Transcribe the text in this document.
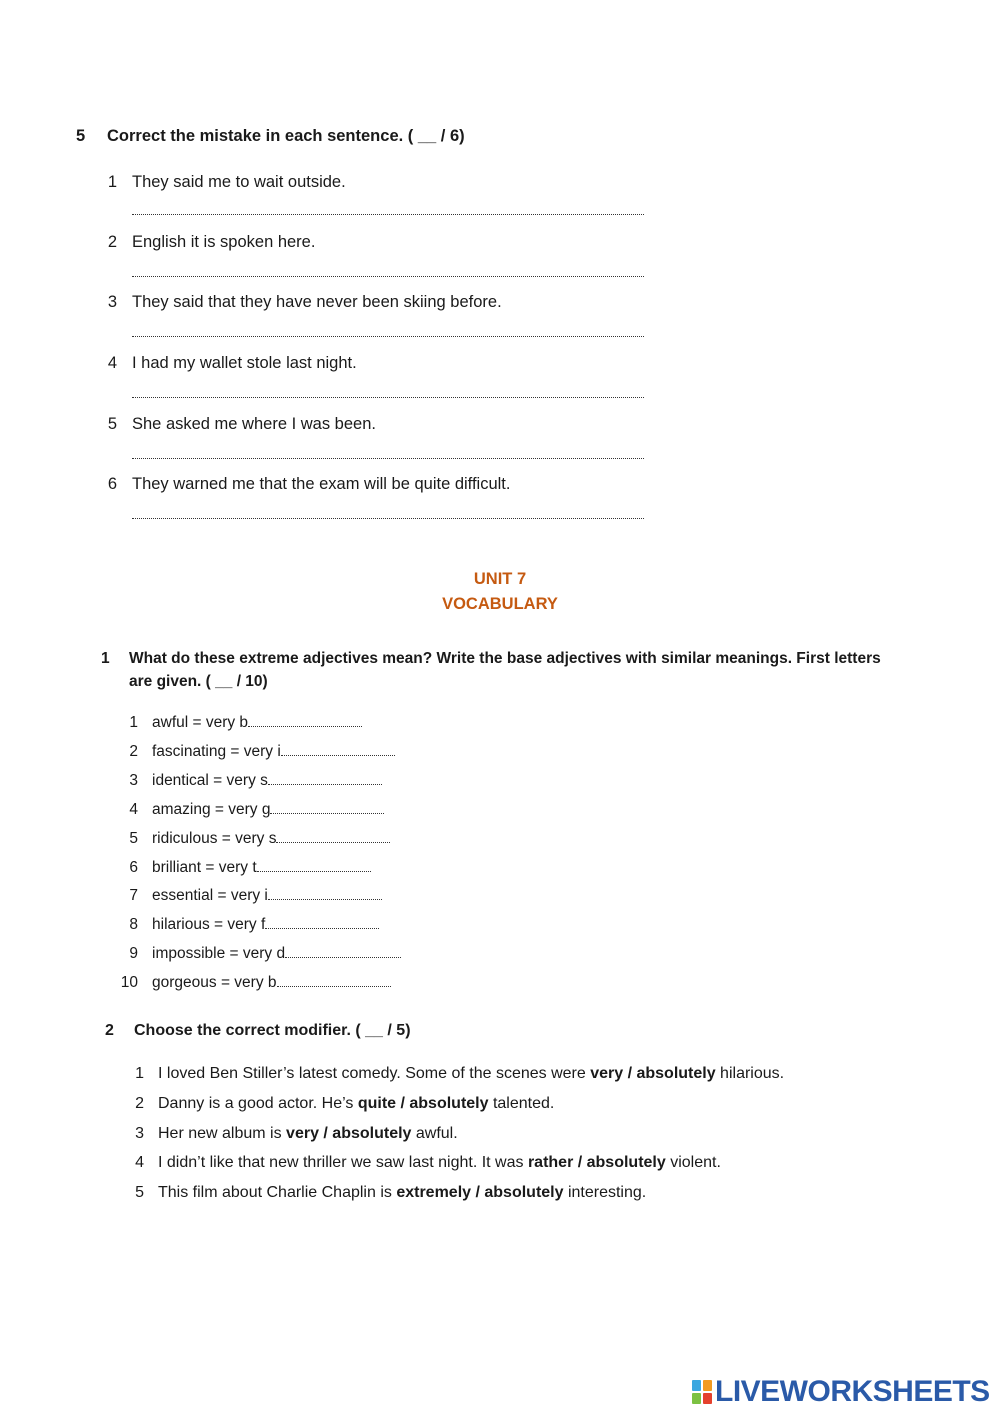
5	Correct the mistake in each sentence. ( __ / 6)
1 They said me to wait outside.
2 English it is spoken here.
3 They said that they have never been skiing before.
4 I had my wallet stole last night.
5 She asked me where I was been.
6 They warned me that the exam will be quite difficult.
UNIT 7
VOCABULARY
1 What do these extreme adjectives mean? Write the base adjectives with similar meanings. First letters
are given. ( __ / 10)
1 awful = very b
2 fascinating = very i
3 identical = very s
4 amazing = very g
5 ridiculous = very s
6 brilliant = very t
7 essential = very i
8 hilarious = very f
9 impossible = very d
10 gorgeous = very b
2 Choose the correct modifier. ( __ / 5)
1 I loved Ben Stiller’s latest comedy. Some of the scenes were very / absolutely hilarious.
2 Danny is a good actor. He’s quite / absolutely talented.
3 Her new album is very / absolutely awful.
4 I didn’t like that new thriller we saw last night. It was rather / absolutely violent.
5 This film about Charlie Chaplin is extremely / absolutely interesting.
LIVEWORKSHEETS
